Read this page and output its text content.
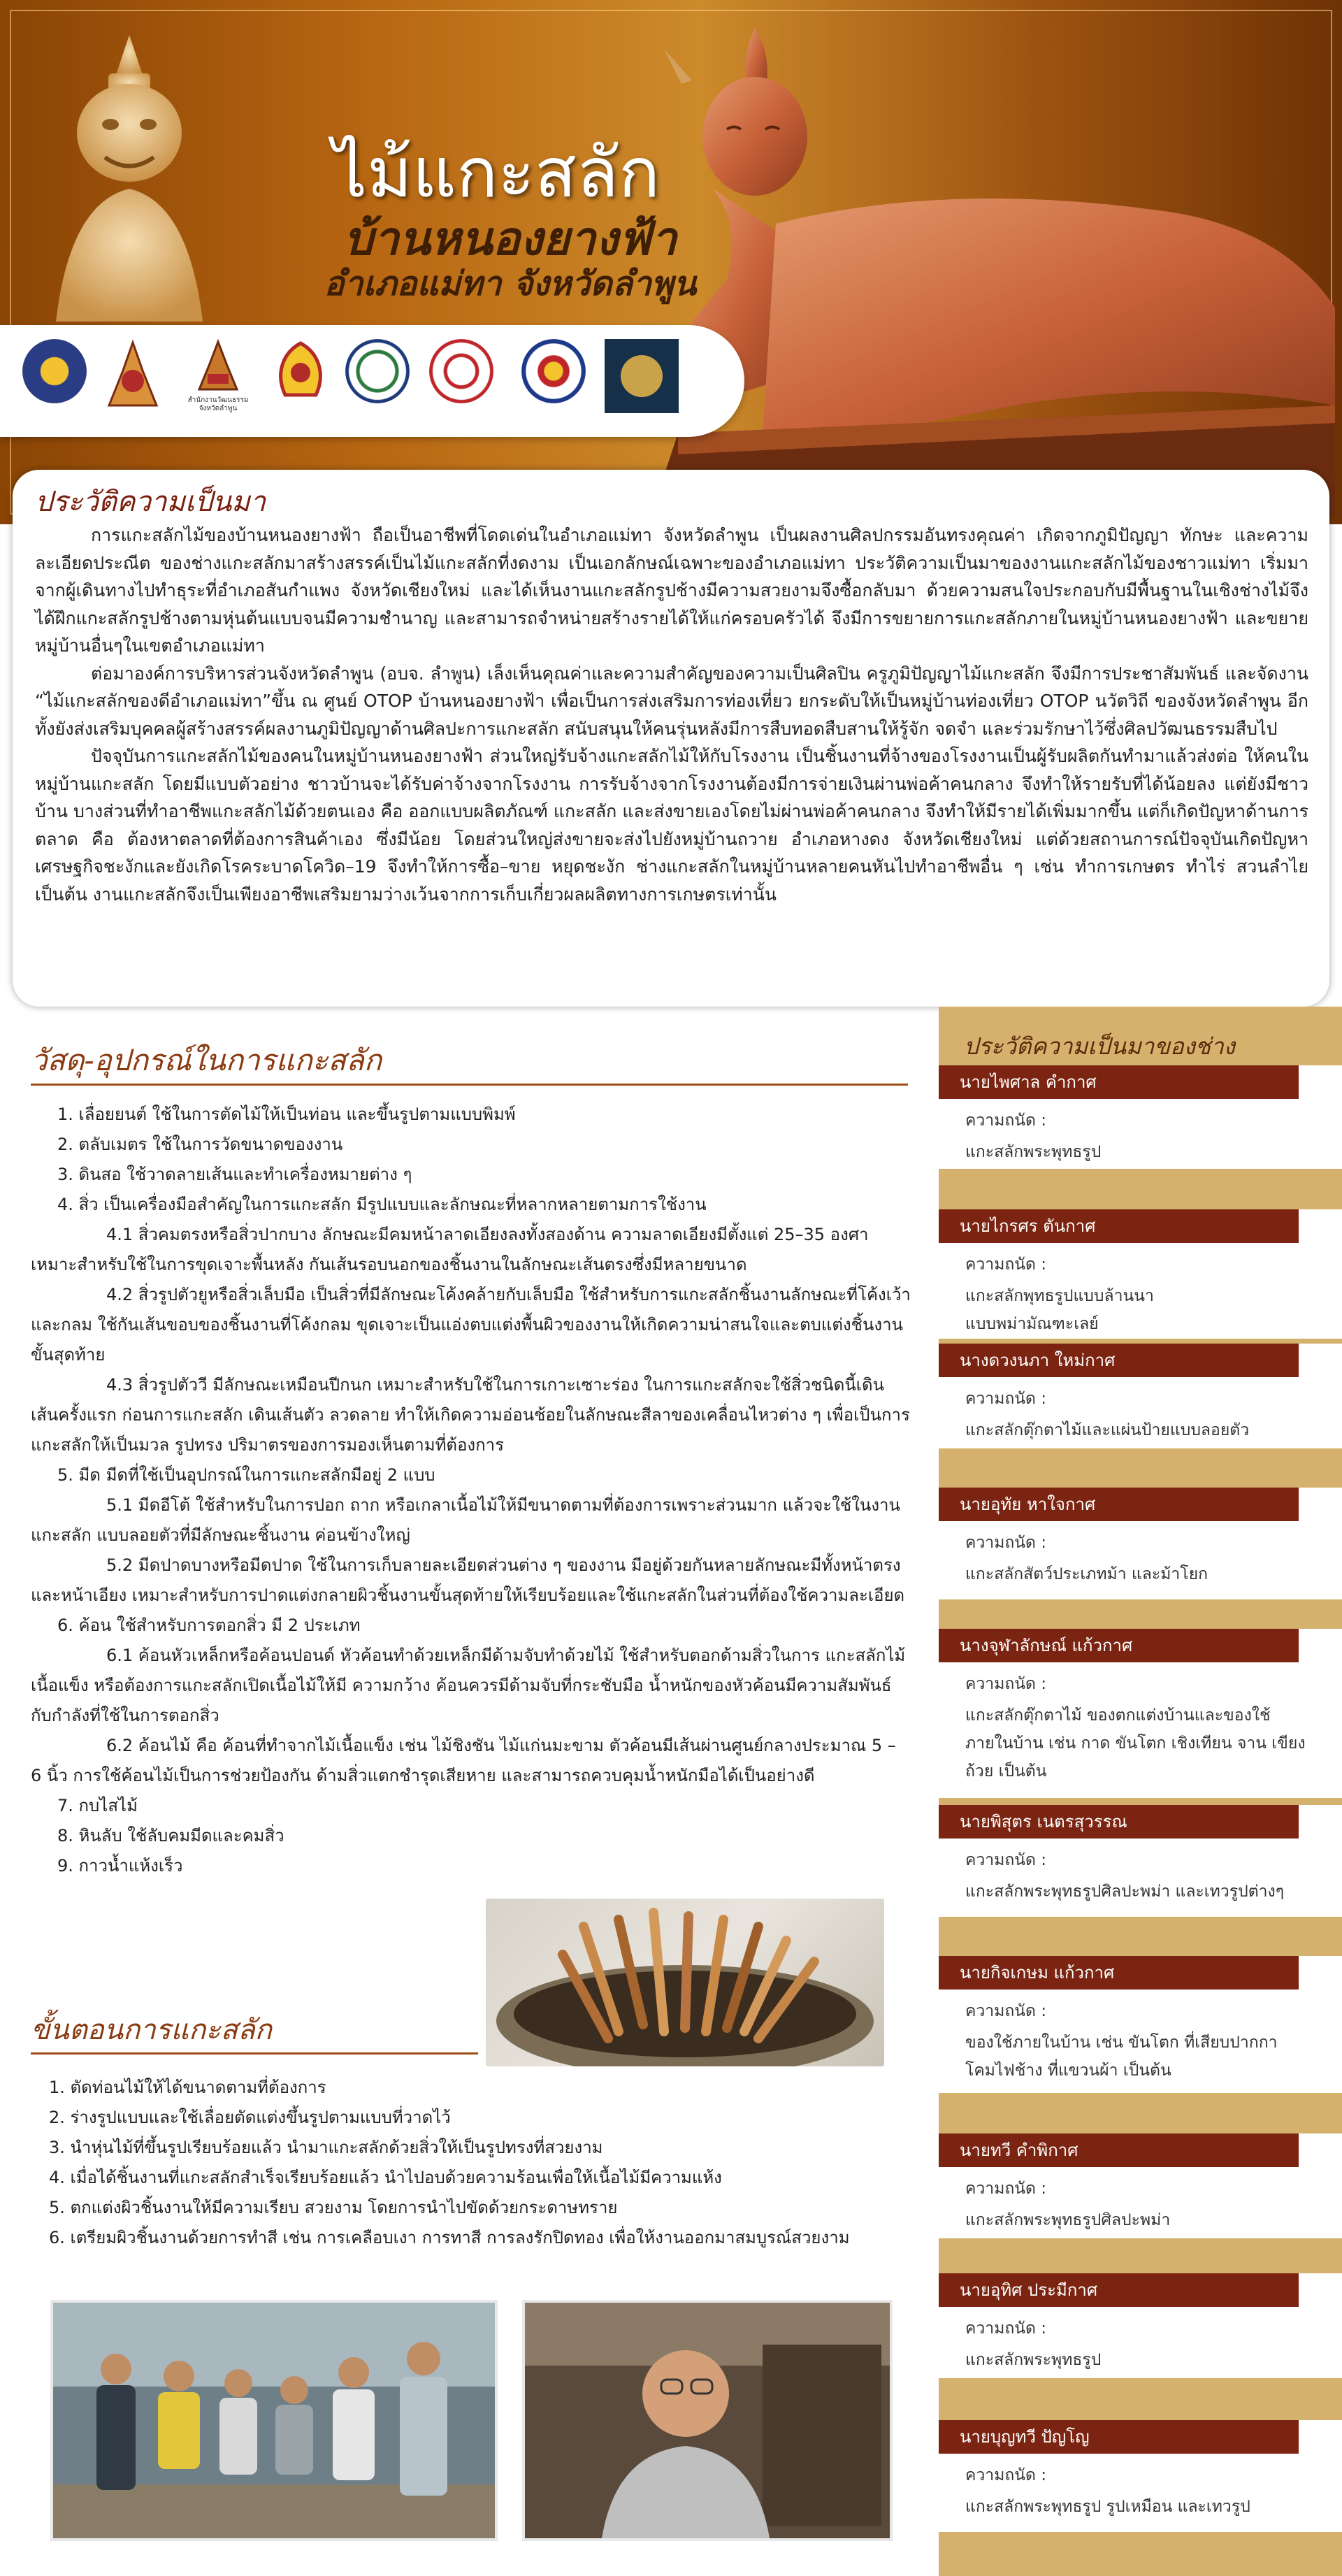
ไม้แกะสลัก
บ้านหนองยางฟ้า
อำเภอแม่ทา จังหวัดลำพูน
สำนักงานวัฒนธรรม จังหวัดลำพูน
ประวัติความเป็นมา

การแกะสลักไม้ของบ้านหนองยางฟ้า ถือเป็นอาชีพที่โดดเด่นในอำเภอแม่ทา จังหวัดลำพูน เป็นผลงานศิลปกรรมอันทรงคุณค่า เกิดจากภูมิปัญญา ทักษะ และความละเอียดประณีต ของช่างแกะสลักมาสร้างสรรค์เป็นไม้แกะสลักที่งดงาม เป็นเอกลักษณ์เฉพาะของอำเภอแม่ทา ประวัติความเป็นมาของงานแกะสลักไม้ของชาวแม่ทา เริ่มมาจากผู้เดินทางไปทำธุระที่อำเภอสันกำแพง จังหวัดเชียงใหม่ และได้เห็นงานแกะสลักรูปช้างมีความสวยงามจึงซื้อกลับมา ด้วยความสนใจประกอบกับมีพื้นฐานในเชิงช่างไม้จึงได้ฝึกแกะสลักรูปช้างตามหุ่นต้นแบบจนมีความชำนาญ และสามารถจำหน่ายสร้างรายได้ให้แก่ครอบครัวได้ จึงมีการขยายการแกะสลักภายในหมู่บ้านหนองยางฟ้า และขยายหมู่บ้านอื่นๆในเขตอำเภอแม่ทา

ต่อมาองค์การบริหารส่วนจังหวัดลำพูน (อบจ. ลำพูน) เล็งเห็นคุณค่าและความสำคัญของความเป็นศิลปิน ครูภูมิปัญญาไม้แกะสลัก จึงมีการประชาสัมพันธ์ และจัดงาน “ไม้แกะสลักของดีอำเภอแม่ทา”ขึ้น ณ ศูนย์ OTOP บ้านหนองยางฟ้า เพื่อเป็นการส่งเสริมการท่องเที่ยว ยกระดับให้เป็นหมู่บ้านท่องเที่ยว OTOP นวัตวิถี ของจังหวัดลำพูน อีกทั้งยังส่งเสริมบุคคลผู้สร้างสรรค์ผลงานภูมิปัญญาด้านศิลปะการแกะสลัก สนับสนุนให้คนรุ่นหลังมีการสืบทอดสืบสานให้รู้จัก จดจำ และร่วมรักษาไว้ซึ่งศิลปวัฒนธรรมสืบไป

ปัจจุบันการแกะสลักไม้ของคนในหมู่บ้านหนองยางฟ้า ส่วนใหญ่รับจ้างแกะสลักไม้ให้กับโรงงาน เป็นชิ้นงานที่จ้างของโรงงานเป็นผู้รับผลิตกันทำมาแล้วส่งต่อ ให้คนในหมู่บ้านแกะสลัก โดยมีแบบตัวอย่าง ชาวบ้านจะได้รับค่าจ้างจากโรงงาน การรับจ้างจากโรงงานต้องมีการจ่ายเงินผ่านพ่อค้าคนกลาง จึงทำให้รายรับที่ได้น้อยลง แต่ยังมีชาวบ้าน บางส่วนที่ทำอาชีพแกะสลักไม้ด้วยตนเอง คือ ออกแบบผลิตภัณฑ์ แกะสลัก และส่งขายเองโดยไม่ผ่านพ่อค้าคนกลาง จึงทำให้มีรายได้เพิ่มมากขึ้น แต่ก็เกิดปัญหาด้านการตลาด คือ ต้องหาตลาดที่ต้องการสินค้าเอง ซึ่งมีน้อย โดยส่วนใหญ่ส่งขายจะส่งไปยังหมู่บ้านถวาย อำเภอหางดง จังหวัดเชียงใหม่ แต่ด้วยสถานการณ์ปัจจุบันเกิดปัญหาเศรษฐกิจชะงักและยังเกิดโรคระบาดโควิด–19 จึงทำให้การซื้อ–ขาย หยุดชะงัก ช่างแกะสลักในหมู่บ้านหลายคนหันไปทำอาชีพอื่น ๆ เช่น ทำการเกษตร ทำไร่ สวนลำไย เป็นต้น งานแกะสลักจึงเป็นเพียงอาชีพเสริมยามว่างเว้นจากการเก็บเกี่ยวผลผลิตทางการเกษตรเท่านั้น

วัสดุ-อุปกรณ์ในการแกะสลัก
1. เลื่อยยนต์ ใช้ในการตัดไม้ให้เป็นท่อน และขึ้นรูปตามแบบพิมพ์
2. ตลับเมตร ใช้ในการวัดขนาดของงาน
3. ดินสอ ใช้วาดลายเส้นและทำเครื่องหมายต่าง ๆ
4. สิ่ว เป็นเครื่องมือสำคัญในการแกะสลัก มีรูปแบบและลักษณะที่หลากหลายตามการใช้งาน
4.1 สิ่วคมตรงหรือสิ่วปากบาง ลักษณะมีคมหน้าลาดเอียงลงทั้งสองด้าน ความลาดเอียงมีตั้งแต่ 25–35 องศา เหมาะสำหรับใช้ในการขุดเจาะพื้นหลัง กันเส้นรอบนอกของชิ้นงานในลักษณะเส้นตรงซึ่งมีหลายขนาด
4.2 สิ่วรูปตัวยูหรือสิ่วเล็บมือ เป็นสิ่วที่มีลักษณะโค้งคล้ายกับเล็บมือ ใช้สำหรับการแกะสลักชิ้นงานลักษณะที่โค้งเว้าและกลม ใช้กันเส้นขอบของชิ้นงานที่โค้งกลม ขุดเจาะเป็นแอ่งตบแต่งพื้นผิวของงานให้เกิดความน่าสนใจและตบแต่งชิ้นงานขั้นสุดท้าย
4.3 สิ่วรูปตัววี มีลักษณะเหมือนปีกนก เหมาะสำหรับใช้ในการเกาะเซาะร่อง ในการแกะสลักจะใช้สิ่วชนิดนี้เดินเส้นครั้งแรก ก่อนการแกะสลัก เดินเส้นตัว ลวดลาย ทำให้เกิดความอ่อนช้อยในลักษณะสีลาของเคลื่อนไหวต่าง ๆ เพื่อเป็นการแกะสลักให้เป็นมวล รูปทรง ปริมาตรของการมองเห็นตามที่ต้องการ
5. มีด มีดที่ใช้เป็นอุปกรณ์ในการแกะสลักมีอยู่ 2 แบบ
5.1 มีดอีโต้ ใช้สำหรับในการปอก ถาก หรือเกลาเนื้อไม้ให้มีขนาดตามที่ต้องการเพราะส่วนมาก แล้วจะใช้ในงานแกะสลัก แบบลอยตัวที่มีลักษณะชิ้นงาน ค่อนข้างใหญ่
5.2 มีดปาดบางหรือมีดปาด ใช้ในการเก็บลายละเอียดส่วนต่าง ๆ ของงาน มีอยู่ด้วยกันหลายลักษณะมีทั้งหน้าตรงและหน้าเอียง เหมาะสำหรับการปาดแต่งกลายผิวชิ้นงานขั้นสุดท้ายให้เรียบร้อยและใช้แกะสลักในส่วนที่ต้องใช้ความละเอียด
6. ค้อน ใช้สำหรับการตอกสิ่ว มี 2 ประเภท
6.1 ค้อนหัวเหล็กหรือค้อนปอนด์ หัวค้อนทำด้วยเหล็กมีด้ามจับทำด้วยไม้ ใช้สำหรับตอกด้ามสิ่วในการ แกะสลักไม้เนื้อแข็ง หรือต้องการแกะสลักเปิดเนื้อไม้ให้มี ความกว้าง ค้อนควรมีด้ามจับที่กระชับมือ น้ำหนักของหัวค้อนมีความสัมพันธ์กับกำลังที่ใช้ในการตอกสิ่ว
6.2 ค้อนไม้ คือ ค้อนที่ทำจากไม้เนื้อแข็ง เช่น ไม้ชิงชัน ไม้แก่นมะขาม ตัวค้อนมีเส้นผ่านศูนย์กลางประมาณ 5 – 6 นิ้ว การใช้ค้อนไม้เป็นการช่วยป้องกัน ด้ามสิ่วแตกชำรุดเสียหาย และสามารถควบคุมน้ำหนักมือได้เป็นอย่างดี
7. กบไสไม้
8. หินลับ ใช้ลับคมมีดและคมสิ่ว
9. กาวน้ำแห้งเร็ว
ขั้นตอนการแกะสลัก
1. ตัดท่อนไม้ให้ได้ขนาดตามที่ต้องการ
2. ร่างรูปแบบและใช้เลื่อยตัดแต่งขึ้นรูปตามแบบที่วาดไว้
3. นำหุ่นไม้ที่ขึ้นรูปเรียบร้อยแล้ว นำมาแกะสลักด้วยสิ่วให้เป็นรูปทรงที่สวยงาม
4. เมื่อได้ชิ้นงานที่แกะสลักสำเร็จเรียบร้อยแล้ว นำไปอบด้วยความร้อนเพื่อให้เนื้อไม้มีความแห้ง
5. ตกแต่งผิวชิ้นงานให้มีความเรียบ สวยงาม โดยการนำไปขัดด้วยกระดาษทราย
6. เตรียมผิวชิ้นงานด้วยการทำสี เช่น การเคลือบเงา การทาสี การลงรักปิดทอง เพื่อให้งานออกมาสมบูรณ์สวยงาม
ประวัติความเป็นมาของช่าง
นายไพศาล คำกาศ
ความถนัด :
แกะสลักพระพุทธรูป
นายไกรศร ตันกาศ
ความถนัด :
แกะสลักพุทธรูปแบบล้านนา
แบบพม่ามัณฑะเลย์
นางดวงนภา ใหม่กาศ
ความถนัด :
แกะสลักตุ๊กตาไม้และแผ่นป้ายแบบลอยตัว
นายอุทัย หาใจกาศ
ความถนัด :
แกะสลักสัตว์ประเภทม้า และม้าโยก
นางจุฬาลักษณ์ แก้วกาศ
ความถนัด :
แกะสลักตุ๊กตาไม้ ของตกแต่งบ้านและของใช้
ภายในบ้าน เช่น กาด ขันโตก เชิงเทียน จาน เขียง
ถ้วย เป็นต้น
นายพิสุตร เนตรสุวรรณ
ความถนัด :
แกะสลักพระพุทธรูปศิลปะพม่า และเทวรูปต่างๆ
นายกิจเกษม แก้วกาศ
ความถนัด :
ของใช้ภายในบ้าน เช่น ขันโตก ที่เสียบปากกา
โคมไฟช้าง ที่แขวนผ้า เป็นต้น
นายทวี คำพิกาศ
ความถนัด :
แกะสลักพระพุทธรูปศิลปะพม่า
นายอุทิศ ประมีกาศ
ความถนัด :
แกะสลักพระพุทธรูป
นายบุญทวี ปัญโญ
ความถนัด :
แกะสลักพระพุทธรูป รูปเหมือน และเทวรูป
